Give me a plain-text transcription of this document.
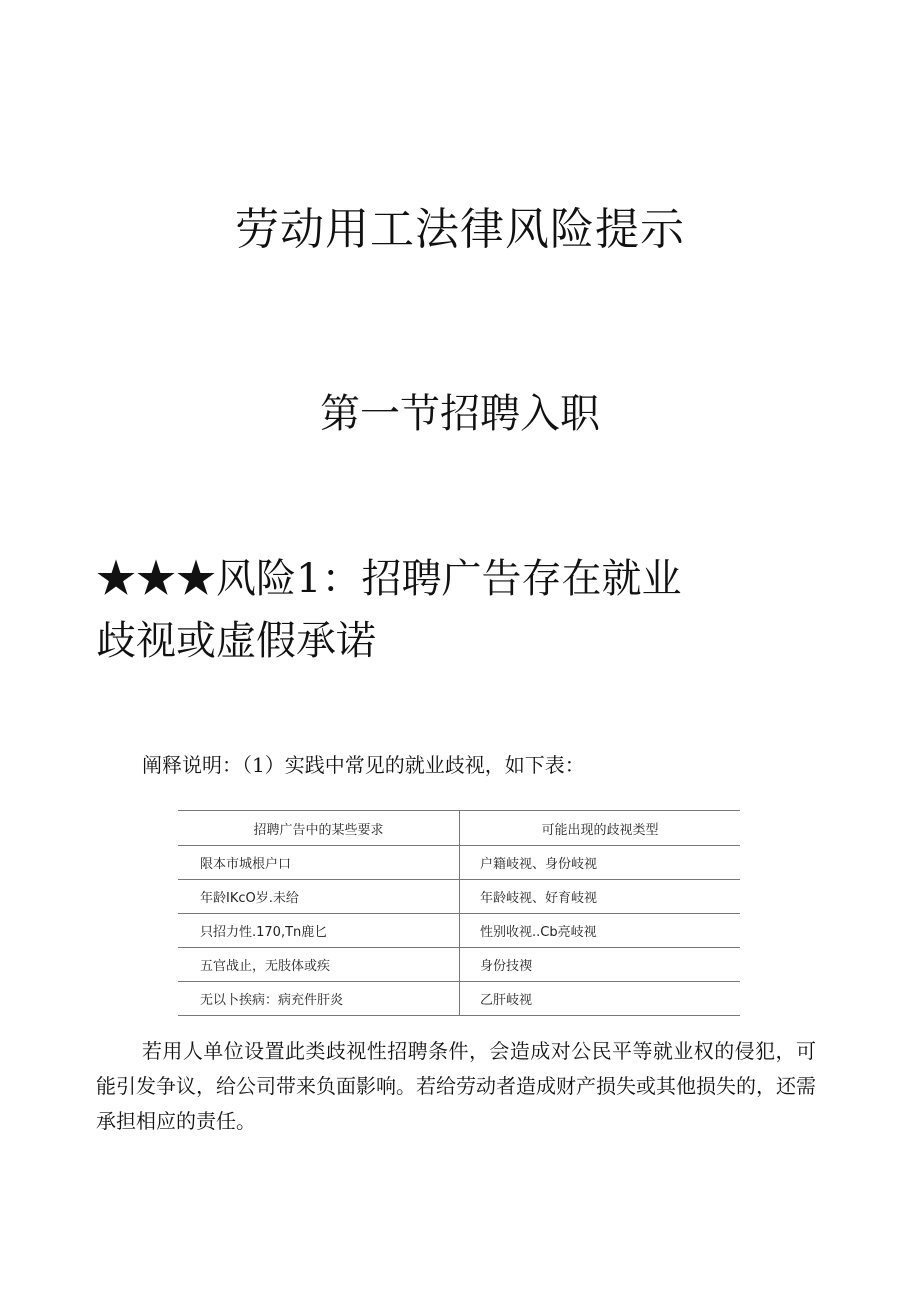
劳动用工法律风险提示
第一节招聘入职
★★★风险1：招聘广告存在就业
歧视或虚假承诺
阐释说明：（1）实践中常见的就业歧视，如下表：
招聘广告中的某些要求	可能出现的歧视类型
限本市城根户口	户籍岐视、身份岐视
年龄IKcO岁.未给	年龄岐视、好育岐视
只招力性.170,Tn鹿匕	性别收视..Cb亮岐视
五官战止，无肢体或疾	身份技禊
无以卜挨病：病充件肝炎	乙肝岐视

若用人单位设置此类歧视性招聘条件，会造成对公民平等就业权的侵犯，可能引发争议，给公司带来负面影响。若给劳动者造成财产损失或其他损失的，还需承担相应的责任。
